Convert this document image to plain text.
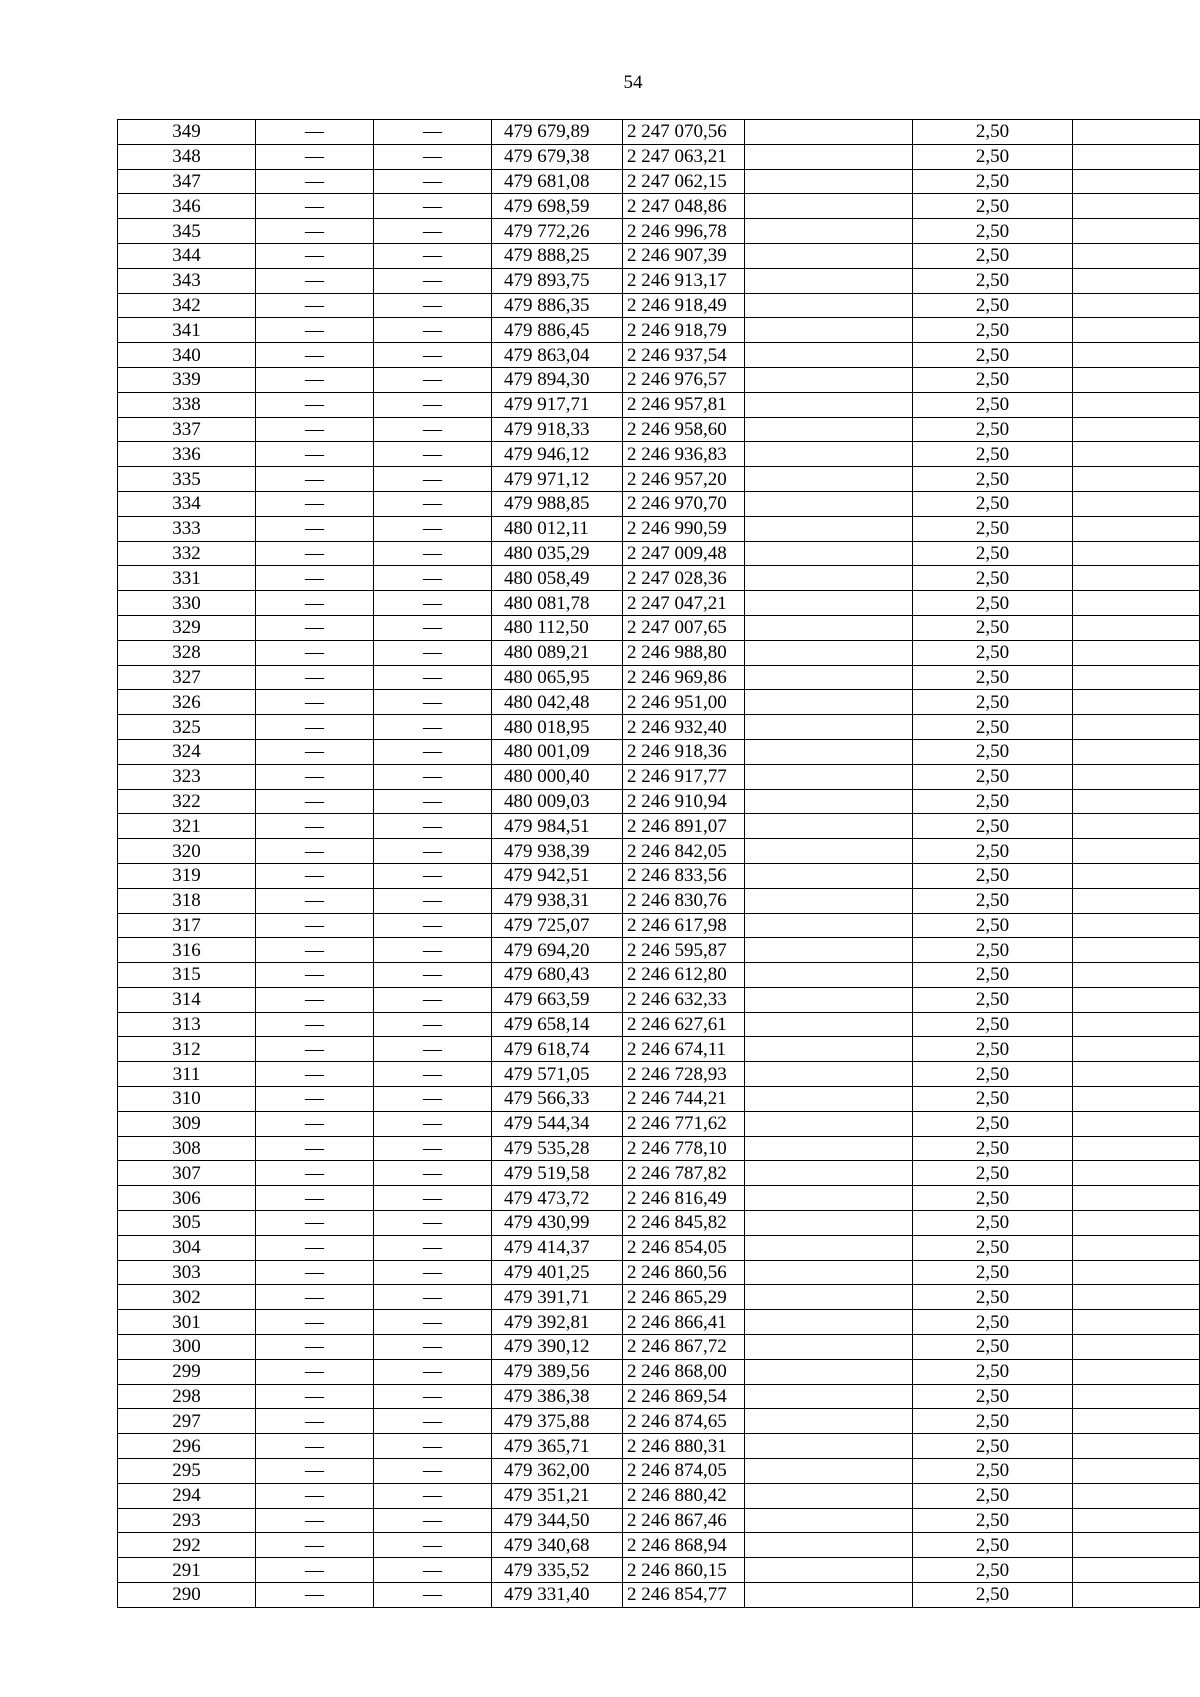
54
349	—	—	479 679,89	2 247 070,56		2,50	
348	—	—	479 679,38	2 247 063,21		2,50	
347	—	—	479 681,08	2 247 062,15		2,50	
346	—	—	479 698,59	2 247 048,86		2,50	
345	—	—	479 772,26	2 246 996,78		2,50	
344	—	—	479 888,25	2 246 907,39		2,50	
343	—	—	479 893,75	2 246 913,17		2,50	
342	—	—	479 886,35	2 246 918,49		2,50	
341	—	—	479 886,45	2 246 918,79		2,50	
340	—	—	479 863,04	2 246 937,54		2,50	
339	—	—	479 894,30	2 246 976,57		2,50	
338	—	—	479 917,71	2 246 957,81		2,50	
337	—	—	479 918,33	2 246 958,60		2,50	
336	—	—	479 946,12	2 246 936,83		2,50	
335	—	—	479 971,12	2 246 957,20		2,50	
334	—	—	479 988,85	2 246 970,70		2,50	
333	—	—	480 012,11	2 246 990,59		2,50	
332	—	—	480 035,29	2 247 009,48		2,50	
331	—	—	480 058,49	2 247 028,36		2,50	
330	—	—	480 081,78	2 247 047,21		2,50	
329	—	—	480 112,50	2 247 007,65		2,50	
328	—	—	480 089,21	2 246 988,80		2,50	
327	—	—	480 065,95	2 246 969,86		2,50	
326	—	—	480 042,48	2 246 951,00		2,50	
325	—	—	480 018,95	2 246 932,40		2,50	
324	—	—	480 001,09	2 246 918,36		2,50	
323	—	—	480 000,40	2 246 917,77		2,50	
322	—	—	480 009,03	2 246 910,94		2,50	
321	—	—	479 984,51	2 246 891,07		2,50	
320	—	—	479 938,39	2 246 842,05		2,50	
319	—	—	479 942,51	2 246 833,56		2,50	
318	—	—	479 938,31	2 246 830,76		2,50	
317	—	—	479 725,07	2 246 617,98		2,50	
316	—	—	479 694,20	2 246 595,87		2,50	
315	—	—	479 680,43	2 246 612,80		2,50	
314	—	—	479 663,59	2 246 632,33		2,50	
313	—	—	479 658,14	2 246 627,61		2,50	
312	—	—	479 618,74	2 246 674,11		2,50	
311	—	—	479 571,05	2 246 728,93		2,50	
310	—	—	479 566,33	2 246 744,21		2,50	
309	—	—	479 544,34	2 246 771,62		2,50	
308	—	—	479 535,28	2 246 778,10		2,50	
307	—	—	479 519,58	2 246 787,82		2,50	
306	—	—	479 473,72	2 246 816,49		2,50	
305	—	—	479 430,99	2 246 845,82		2,50	
304	—	—	479 414,37	2 246 854,05		2,50	
303	—	—	479 401,25	2 246 860,56		2,50	
302	—	—	479 391,71	2 246 865,29		2,50	
301	—	—	479 392,81	2 246 866,41		2,50	
300	—	—	479 390,12	2 246 867,72		2,50	
299	—	—	479 389,56	2 246 868,00		2,50	
298	—	—	479 386,38	2 246 869,54		2,50	
297	—	—	479 375,88	2 246 874,65		2,50	
296	—	—	479 365,71	2 246 880,31		2,50	
295	—	—	479 362,00	2 246 874,05		2,50	
294	—	—	479 351,21	2 246 880,42		2,50	
293	—	—	479 344,50	2 246 867,46		2,50	
292	—	—	479 340,68	2 246 868,94		2,50	
291	—	—	479 335,52	2 246 860,15		2,50	
290	—	—	479 331,40	2 246 854,77		2,50	
